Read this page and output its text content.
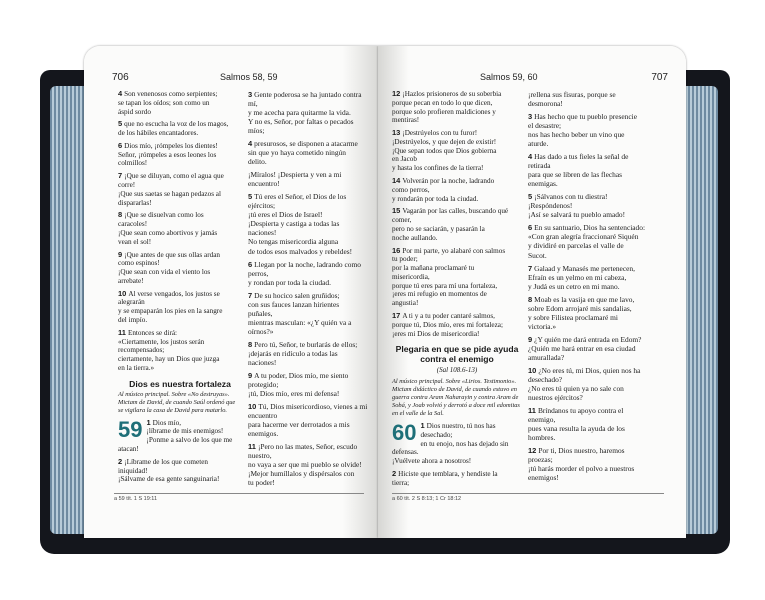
706	Salmos 58, 59
4 Son venenosos como serpientes;
se tapan los oídos; son como un
áspid sordo
5 que no escucha la voz de los magos,
de los hábiles encantadores.
6 Dios mío, ¡rómpeles los dientes!
Señor, ¡rómpeles a esos leones los
colmillos!
7 ¡Que se diluyan, como el agua que
corre!
¡Que sus saetas se hagan pedazos al
dispararlas!
8 ¡Que se disuelvan como los
caracoles!
¡Que sean como abortivos y jamás
vean el sol!
9 ¡Que antes de que sus ollas ardan
como espinos!
¡Que sean con vida el viento los
arrebate!
10 Al verse vengados, los justos se
alegrarán
y se empaparán los pies en la sangre
del impío.
11 Entonces se dirá:
«Ciertamente, los justos serán
recompensados;
ciertamente, hay un Dios que juzga
en la tierra.»
Dios es nuestra fortaleza
Al músico principal. Sobre «No destruyas». Mictam de David, de cuando Saúl ordenó que se vigilara la casa de David para matarlo.
59 1 Dios mío,
¡líbrame de mis enemigos!
¡Ponme a salvo de los que me
atacan!
2 ¡Líbrame de los que cometen
iniquidad!
¡Sálvame de esa gente sanguinaria!
3 Gente poderosa se ha juntado contra
mí,
y me acecha para quitarme la vida.
Y no es, Señor, por faltas o pecados
míos;
4 presurosos, se disponen a atacarme
sin que yo haya cometido ningún
delito.
¡Míralos! ¡Despierta y ven a mi
encuentro!
5 Tú eres el Señor, el Dios de los ejércitos;
¡tú eres el Dios de Israel!
¡Despierta y castiga a todas las
naciones!
No tengas misericordia alguna
de todos esos malvados y rebeldes!
6 Llegan por la noche, ladrando como
perros,
y rondan por toda la ciudad.
7 De su hocico salen gruñidos;
con sus fauces lanzan hirientes
puñales,
mientras masculan: «¿Y quién va a
oírnos?»
8 Pero tú, Señor, te burlarás de ellos;
¡dejarás en ridículo a todas las
naciones!
9 A tu poder, Dios mío, me siento
protegido;
¡tú, Dios mío, eres mi defensa!
10 Tú, Dios misericordioso, vienes a mi
encuentro
para hacerme ver derrotados a mis
enemigos.
11 ¡Pero no las mates, Señor, escudo
nuestro,
no vaya a ser que mi pueblo se olvide!
¡Mejor humíllalos y dispérsalos con
tu poder!
a 59 tít. 1 S 19:11
Salmos 59, 60	707
12 ¡Hazlos prisioneros de su soberbia
porque pecan en todo lo que dicen,
porque solo profieren maldiciones y
mentiras!
13 ¡Destrúyelos con tu furor!
¡Destrúyelos, y que dejen de existir!
¡Que sepan todos que Dios gobierna
en Jacob
y hasta los confines de la tierra!
14 Volverán por la noche, ladrando
como perros,
y rondarán por toda la ciudad.
15 Vagarán por las calles, buscando qué
comer,
pero no se saciarán, y pasarán la
noche aullando.
16 Por mi parte, yo alabaré con salmos
tu poder;
por la mañana proclamaré tu
misericordia,
porque tú eres para mí una fortaleza,
¡eres mi refugio en momentos de
angustia!
17 A ti y a tu poder cantaré salmos,
porque tú, Dios mío, eres mi fortaleza;
¡eres mi Dios de misericordia!
Plegaria en que se pide ayuda contra el enemigo
(Sal 108.6-13)
Al músico principal. Sobre «Lirios. Testimonio». Mictam didáctico de David, de cuando estuvo en guerra contra Aram Naharayin y contra Aram de Sobá, y Joab volvió y derrotó a doce mil edomitas en el valle de la Sal.
60 1 Dios nuestro, tú nos has
desechado;
en tu enojo, nos has dejado sin
defensas.
¡Vuélvete ahora a nosotros!
2 Hiciste que temblara, y hendiste la
tierra;
¡rellena sus fisuras, porque se
desmorona!
3 Has hecho que tu pueblo presencie
el desastre;
nos has hecho beber un vino que
aturde.
4 Has dado a tus fieles la señal de
retirada
para que se libren de las flechas
enemigas.
5 ¡Sálvanos con tu diestra!
¡Respóndenos!
¡Así se salvará tu pueblo amado!
6 En su santuario, Dios ha sentenciado:
«Con gran alegría fraccionaré Siquén
y dividiré en parcelas el valle de
Sucot.
7 Galaad y Manasés me pertenecen,
Efraín es un yelmo en mi cabeza,
y Judá es un cetro en mi mano.
8 Moab es la vasija en que me lavo,
sobre Edom arrojaré mis sandalias,
y sobre Filistea proclamaré mi
victoria.»
9 ¿Y quién me dará entrada en Edom?
¿Quién me hará entrar en esa ciudad
amurallada?
10 ¿No eres tú, mi Dios, quien nos ha
desechado?
¿No eres tú quien ya no sale con
nuestros ejércitos?
11 Bríndanos tu apoyo contra el
enemigo,
pues vana resulta la ayuda de los
hombres.
12 Por ti, Dios nuestro, haremos
proezas;
¡tú harás morder el polvo a nuestros
enemigos!
a 60 tít. 2 S 8:13; 1 Cr 18:12
